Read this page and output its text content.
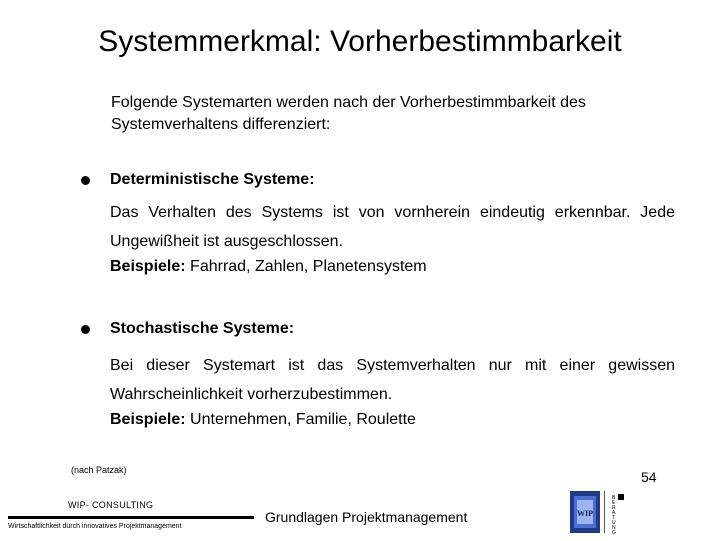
Systemmerkmal: Vorherbestimmbarkeit
Folgende Systemarten werden nach der Vorherbestimmbarkeit des Systemverhaltens differenziert:
Deterministische Systeme:
Das Verhalten des Systems ist von vornherein eindeutig erkennbar. Jede Ungewißheit ist ausgeschlossen.
Beispiele: Fahrrad, Zahlen, Planetensystem
Stochastische Systeme:
Bei dieser Systemart ist das Systemverhalten nur mit einer gewissen Wahrscheinlichkeit vorherzubestimmen.
Beispiele: Unternehmen, Familie, Roulette
(nach Patzak)
WIP- CONSULTING
Wirtschaftlichkeit durch innovatives Projektmanagement
Grundlagen Projektmanagement	WIP
B
E
R
A
T
U
N
G
54
